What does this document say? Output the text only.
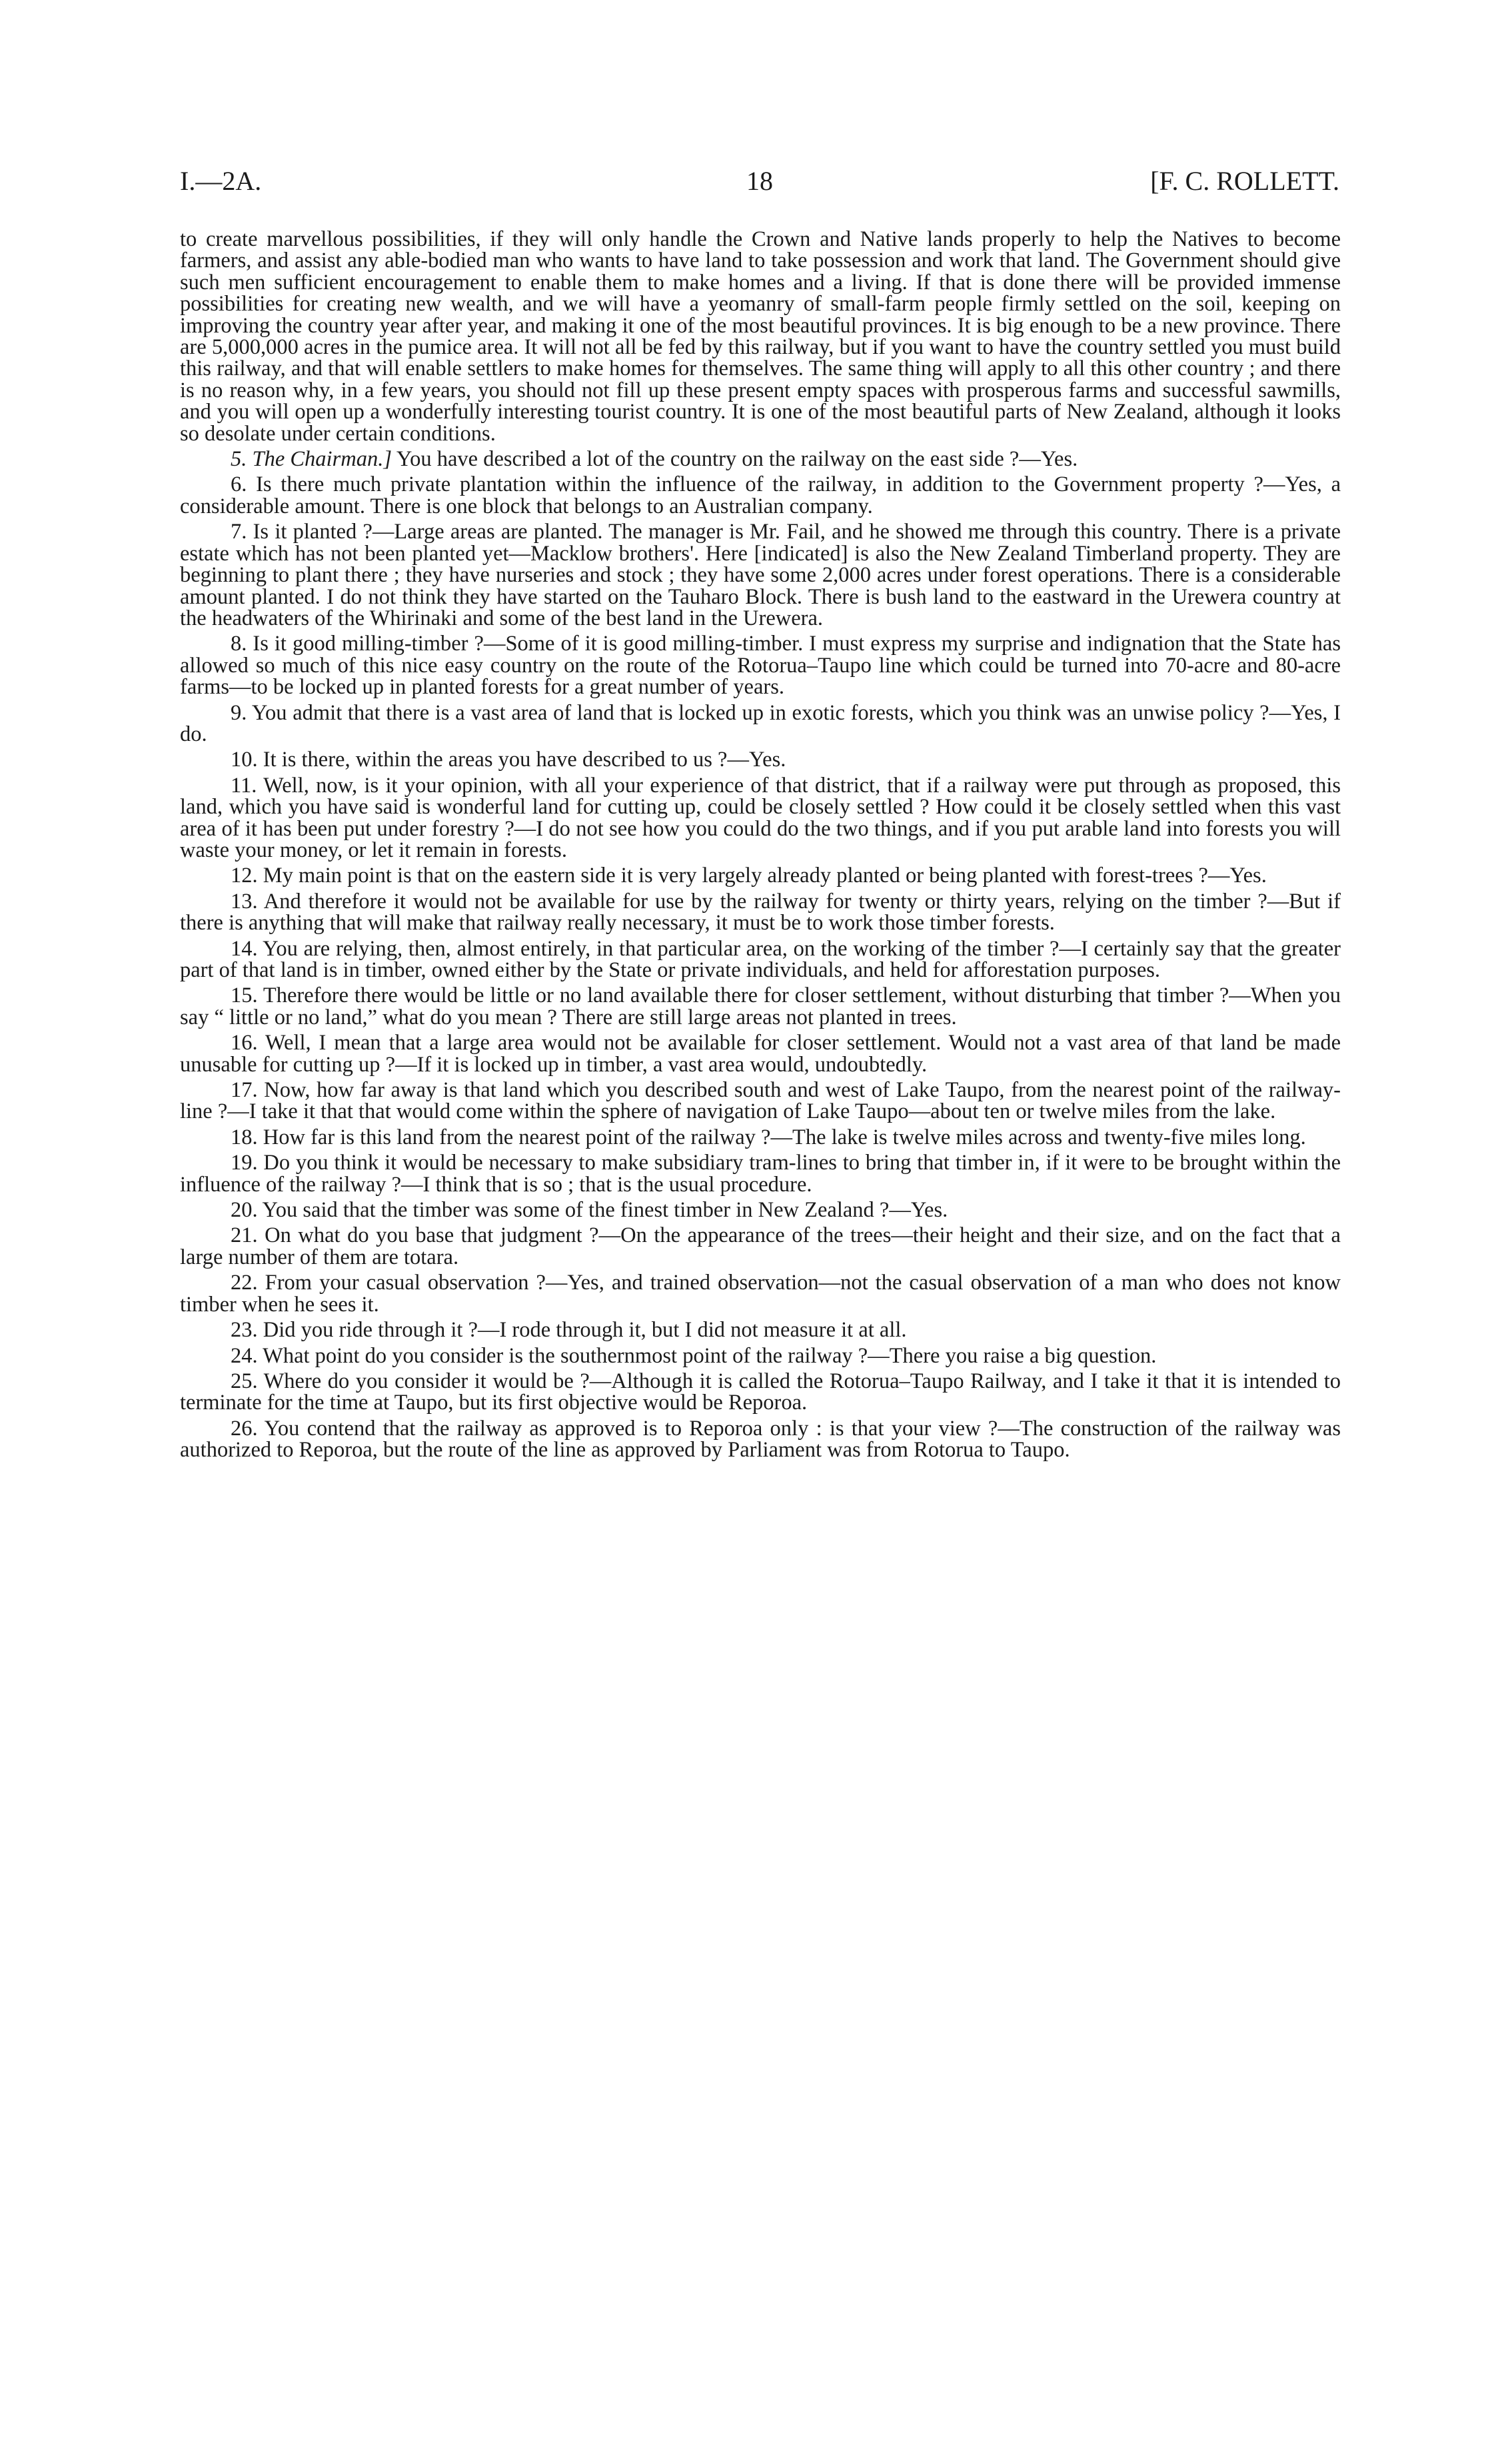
I.—2A.	18	[F. C. ROLLETT.

to create marvellous possibilities, if they will only handle the Crown and Native lands properly to help the Natives to become farmers, and assist any able-bodied man who wants to have land to take possession and work that land. The Government should give such men sufficient encouragement to enable them to make homes and a living. If that is done there will be provided immense possibilities for creating new wealth, and we will have a yeomanry of small-farm people firmly settled on the soil, keeping on improving the country year after year, and making it one of the most beautiful provinces. It is big enough to be a new province. There are 5,000,000 acres in the pumice area. It will not all be fed by this railway, but if you want to have the country settled you must build this railway, and that will enable settlers to make homes for themselves. The same thing will apply to all this other country ; and there is no reason why, in a few years, you should not fill up these present empty spaces with prosperous farms and successful sawmills, and you will open up a wonderfully interesting tourist country. It is one of the most beautiful parts of New Zealand, although it looks so desolate under certain conditions.

5. The Chairman.] You have described a lot of the country on the railway on the east side ?—Yes.

6. Is there much private plantation within the influence of the railway, in addition to the Government property ?—Yes, a considerable amount. There is one block that belongs to an Australian company.

7. Is it planted ?—Large areas are planted. The manager is Mr. Fail, and he showed me through this country. There is a private estate which has not been planted yet—Macklow brothers'. Here [indicated] is also the New Zealand Timberland property. They are beginning to plant there ; they have nurseries and stock ; they have some 2,000 acres under forest operations. There is a considerable amount planted. I do not think they have started on the Tauharo Block. There is bush land to the eastward in the Urewera country at the headwaters of the Whirinaki and some of the best land in the Urewera.

8. Is it good milling-timber ?—Some of it is good milling-timber. I must express my surprise and indignation that the State has allowed so much of this nice easy country on the route of the Rotorua–Taupo line which could be turned into 70-acre and 80-acre farms—to be locked up in planted forests for a great number of years.

9. You admit that there is a vast area of land that is locked up in exotic forests, which you think was an unwise policy ?—Yes, I do.

10. It is there, within the areas you have described to us ?—Yes.

11. Well, now, is it your opinion, with all your experience of that district, that if a railway were put through as proposed, this land, which you have said is wonderful land for cutting up, could be closely settled ? How could it be closely settled when this vast area of it has been put under forestry ?—I do not see how you could do the two things, and if you put arable land into forests you will waste your money, or let it remain in forests.

12. My main point is that on the eastern side it is very largely already planted or being planted with forest-trees ?—Yes.

13. And therefore it would not be available for use by the railway for twenty or thirty years, relying on the timber ?—But if there is anything that will make that railway really necessary, it must be to work those timber forests.

14. You are relying, then, almost entirely, in that particular area, on the working of the timber ?—I certainly say that the greater part of that land is in timber, owned either by the State or private individuals, and held for afforestation purposes.

15. Therefore there would be little or no land available there for closer settlement, without disturbing that timber ?—When you say “ little or no land,” what do you mean ? There are still large areas not planted in trees.

16. Well, I mean that a large area would not be available for closer settlement. Would not a vast area of that land be made unusable for cutting up ?—If it is locked up in timber, a vast area would, undoubtedly.

17. Now, how far away is that land which you described south and west of Lake Taupo, from the nearest point of the railway-line ?—I take it that that would come within the sphere of navigation of Lake Taupo—about ten or twelve miles from the lake.

18. How far is this land from the nearest point of the railway ?—The lake is twelve miles across and twenty-five miles long.

19. Do you think it would be necessary to make subsidiary tram-lines to bring that timber in, if it were to be brought within the influence of the railway ?—I think that is so ; that is the usual procedure.

20. You said that the timber was some of the finest timber in New Zealand ?—Yes.

21. On what do you base that judgment ?—On the appearance of the trees—their height and their size, and on the fact that a large number of them are totara.

22. From your casual observation ?—Yes, and trained observation—not the casual observation of a man who does not know timber when he sees it.

23. Did you ride through it ?—I rode through it, but I did not measure it at all.

24. What point do you consider is the southernmost point of the railway ?—There you raise a big question.

25. Where do you consider it would be ?—Although it is called the Rotorua–Taupo Railway, and I take it that it is intended to terminate for the time at Taupo, but its first objective would be Reporoa.

26. You contend that the railway as approved is to Reporoa only : is that your view ?—The construction of the railway was authorized to Reporoa, but the route of the line as approved by Parliament was from Rotorua to Taupo.
